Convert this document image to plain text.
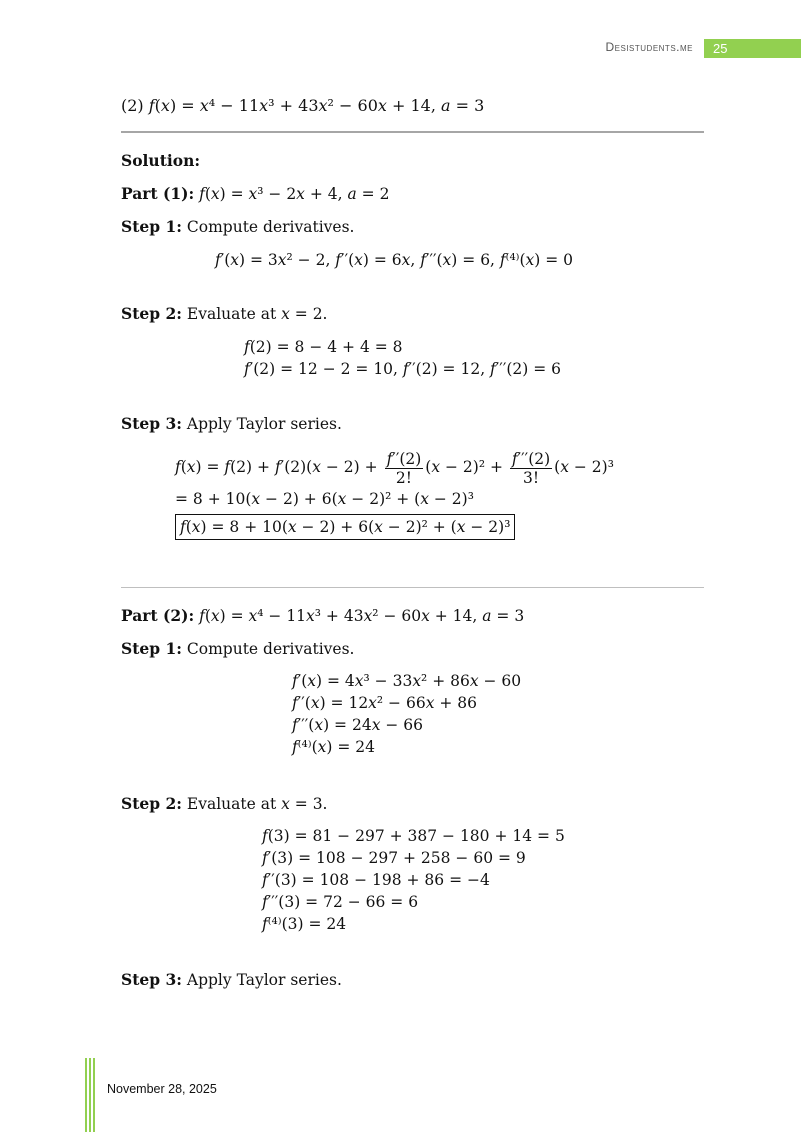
Desistudents.me	25
(2) 𝑓(𝑥) = 𝑥⁴ − 11𝑥³ + 43𝑥² − 60𝑥 + 14, 𝑎 = 3
Solution:
Part (1): 𝑓(𝑥) = 𝑥³ − 2𝑥 + 4, 𝑎 = 2
Step 1: Compute derivatives.
𝑓′(𝑥) = 3𝑥² − 2, 𝑓′′(𝑥) = 6𝑥, 𝑓′′′(𝑥) = 6, 𝑓⁽⁴⁾(𝑥) = 0
Step 2: Evaluate at 𝑥 = 2.
𝑓(2) = 8 − 4 + 4 = 8
𝑓′(2) = 12 − 2 = 10, 𝑓′′(2) = 12, 𝑓′′′(2) = 6
Step 3: Apply Taylor series.
𝑓(𝑥) = 𝑓(2) + 𝑓′(2)(𝑥 − $2) + \frac{\text{𝑓′′(2)}}{2!}$ (𝑥 − $2)^2 + \frac{\text{𝑓′′′(2)}}{3!}$ (𝑥 − 2)³
= 8 + 10(𝑥 − 2) + 6(𝑥 − 2)² + (𝑥 − 2)³
𝑓(𝑥) = 8 + 10(𝑥 − 2) + 6(𝑥 − 2)² + (𝑥 − 2)³
Part (2): 𝑓(𝑥) = 𝑥⁴ − 11𝑥³ + 43𝑥² − 60𝑥 + 14, 𝑎 = 3
Step 1: Compute derivatives.
𝑓′(𝑥) = 4𝑥³ − 33𝑥² + 86𝑥 − 60
𝑓′′(𝑥) = 12𝑥² − 66𝑥 + 86
𝑓′′′(𝑥) = 24𝑥 − 66
𝑓⁽⁴⁾(𝑥) = 24
Step 2: Evaluate at 𝑥 = 3.
𝑓(3) = 81 − 297 + 387 − 180 + 14 = 5
𝑓′(3) = 108 − 297 + 258 − 60 = 9
𝑓′′(3) = 108 − 198 + 86 = −4
𝑓′′′(3) = 72 − 66 = 6
𝑓⁽⁴⁾(3) = 24
Step 3: Apply Taylor series.
November 28, 2025
